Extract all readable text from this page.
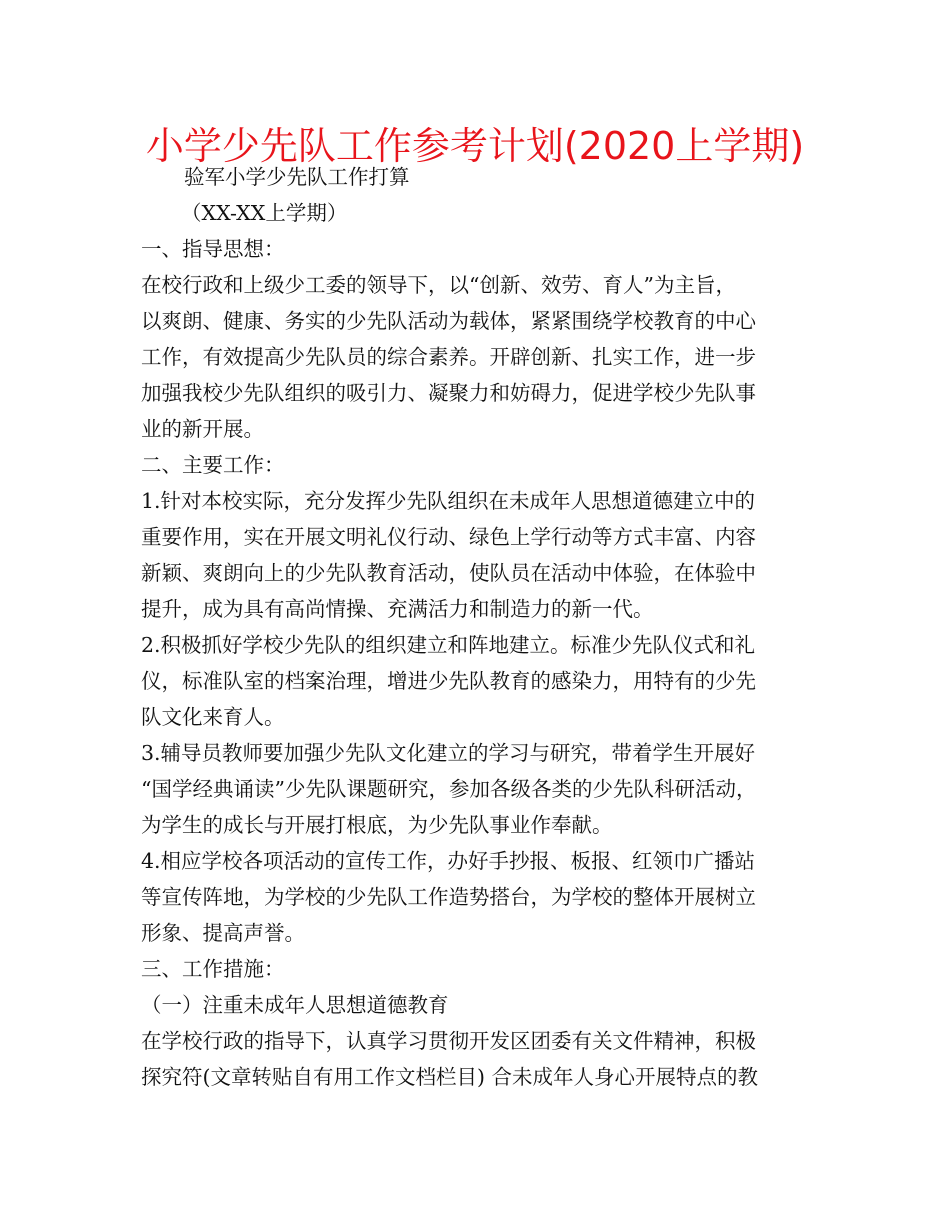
小学少先队工作参考计划(2020上学期)
验军小学少先队工作打算
（XX-XX上学期）
一、指导思想：
在校行政和上级少工委的领导下，以“创新、效劳、育人”为主旨，
以爽朗、健康、务实的少先队活动为载体，紧紧围绕学校教育的中心
工作，有效提高少先队员的综合素养。开辟创新、扎实工作，进一步
加强我校少先队组织的吸引力、凝聚力和妨碍力，促进学校少先队事
业的新开展。
二、主要工作：
1.针对本校实际，充分发挥少先队组织在未成年人思想道德建立中的
重要作用，实在开展文明礼仪行动、绿色上学行动等方式丰富、内容
新颖、爽朗向上的少先队教育活动，使队员在活动中体验，在体验中
提升，成为具有高尚情操、充满活力和制造力的新一代。
2.积极抓好学校少先队的组织建立和阵地建立。标准少先队仪式和礼
仪，标准队室的档案治理，增进少先队教育的感染力，用特有的少先
队文化来育人。
3.辅导员教师要加强少先队文化建立的学习与研究，带着学生开展好
“国学经典诵读”少先队课题研究，参加各级各类的少先队科研活动，
为学生的成长与开展打根底，为少先队事业作奉献。
4.相应学校各项活动的宣传工作，办好手抄报、板报、红领巾广播站
等宣传阵地，为学校的少先队工作造势搭台，为学校的整体开展树立
形象、提高声誉。
三、工作措施：
（一）注重未成年人思想道德教育
在学校行政的指导下，认真学习贯彻开发区团委有关文件精神，积极
探究符(文章转贴自有用工作文档栏目) 合未成年人身心开展特点的教
